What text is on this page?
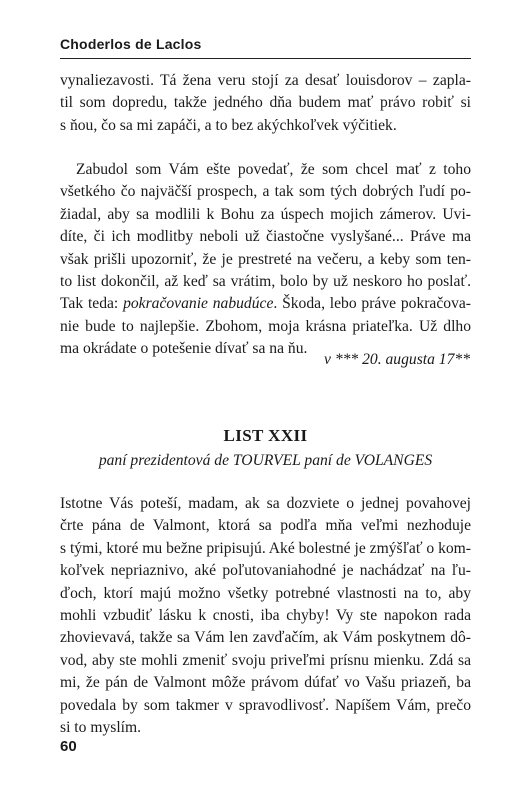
Choderlos de Laclos
vynaliezavosti. Tá žena veru stojí za desať louisdorov – zapla-
til som dopredu, takže jedného dňa budem mať právo robiť si
s ňou, čo sa mi zapáči, a to bez akýchkoľvek výčitiek.
Zabudol som Vám ešte povedať, že som chcel mať z toho
všetkého čo najväčší prospech, a tak som tých dobrých ľudí po-
žiadal, aby sa modlili k Bohu za úspech mojich zámerov. Uvi-
díte, či ich modlitby neboli už čiastočne vyslyšané... Práve ma
však prišli upozorniť, že je prestreté na večeru, a keby som ten-
to list dokončil, až keď sa vrátim, bolo by už neskoro ho poslať.
Tak teda: pokračovanie nabudúce. Škoda, lebo práve pokračova-
nie bude to najlepšie. Zbohom, moja krásna priateľka. Už dlho
ma okrádate o potešenie dívať sa na ňu.
v *** 20. augusta 17**
LIST XXII
paní prezidentová de TOURVEL paní de VOLANGES
Istotne Vás poteší, madam, ak sa dozviete o jednej povahovej
črte pána de Valmont, ktorá sa podľa mňa veľmi nezhoduje
s tými, ktoré mu bežne pripisujú. Aké bolestné je zmýšľať o kom-
koľvek nepriaznivo, aké poľutovaniahodné je nachádzať na ľu-
ďoch, ktorí majú možno všetky potrebné vlastnosti na to, aby
mohli vzbudiť lásku k cnosti, iba chyby! Vy ste napokon rada
zhovievavá, takže sa Vám len zavďačím, ak Vám poskytnem dô-
vod, aby ste mohli zmeniť svoju priveľmi prísnu mienku. Zdá sa
mi, že pán de Valmont môže právom dúfať vo Vašu priazeň, ba
povedala by som takmer v spravodlivosť. Napíšem Vám, prečo
si to myslím.
60
